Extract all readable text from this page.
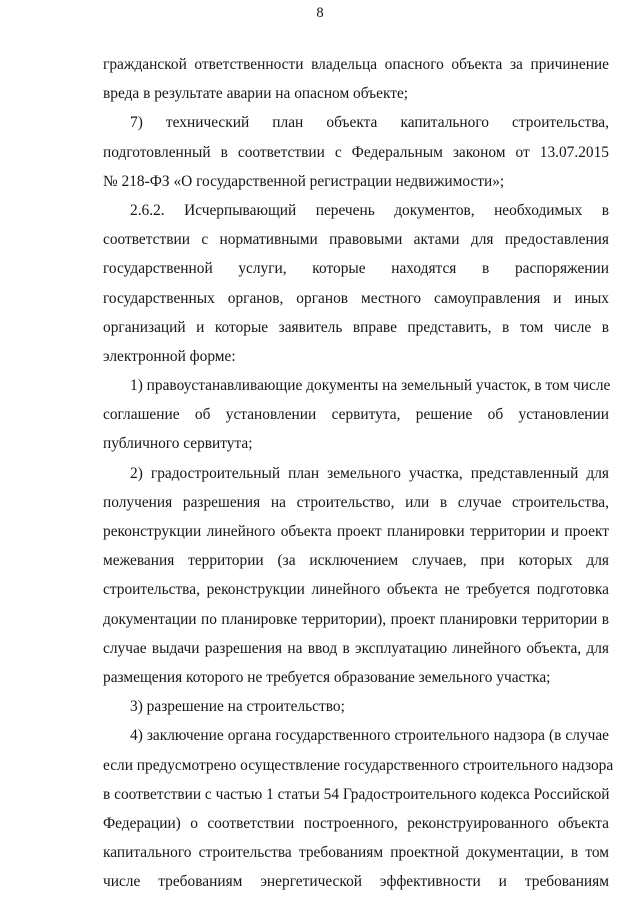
8
гражданской ответственности владельца опасного объекта за причинение
вреда в результате аварии на опасном объекте;
7) технический план объекта капитального строительства,
подготовленный в соответствии с Федеральным законом от 13.07.2015
№ 218-ФЗ «О государственной регистрации недвижимости»;
2.6.2. Исчерпывающий перечень документов, необходимых в
соответствии с нормативными правовыми актами для предоставления
государственной услуги, которые находятся в распоряжении
государственных органов, органов местного самоуправления и иных
организаций и которые заявитель вправе представить, в том числе в
электронной форме:
1) правоустанавливающие документы на земельный участок, в том числе
соглашение об установлении сервитута, решение об установлении
публичного сервитута;
2) градостроительный план земельного участка, представленный для
получения разрешения на строительство, или в случае строительства,
реконструкции линейного объекта проект планировки территории и проект
межевания территории (за исключением случаев, при которых для
строительства, реконструкции линейного объекта не требуется подготовка
документации по планировке территории), проект планировки территории в
случае выдачи разрешения на ввод в эксплуатацию линейного объекта, для
размещения которого не требуется образование земельного участка;
3) разрешение на строительство;
4) заключение органа государственного строительного надзора (в случае
если предусмотрено осуществление государственного строительного надзора
в соответствии с частью 1 статьи 54 Градостроительного кодекса Российской
Федерации) о соответствии построенного, реконструированного объекта
капитального строительства требованиям проектной документации, в том
числе требованиям энергетической эффективности и требованиям
